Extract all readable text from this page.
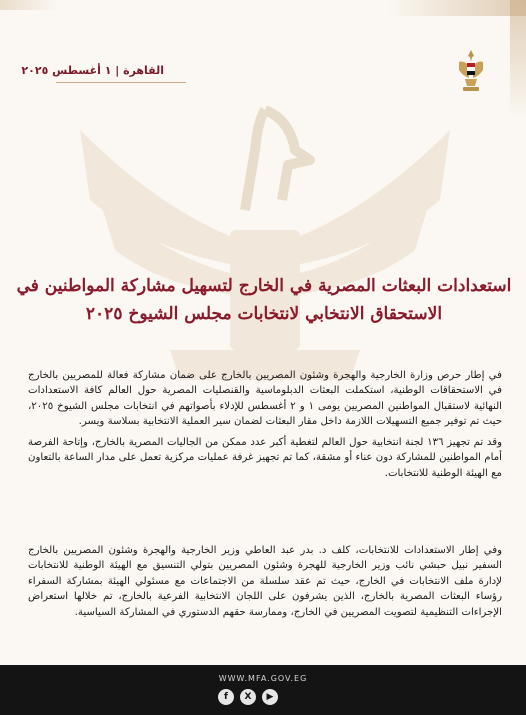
القاهرة | ١ أغسطس ٢٠٢٥
استعدادات البعثات المصرية في الخارج لتسهيل مشاركة المواطنين في
الاستحقاق الانتخابي لانتخابات مجلس الشيوخ ٢٠٢٥
في إطار حرص وزارة الخارجية والهجرة وشئون المصريين بالخارج على ضمان مشاركة فعالة للمصريين بالخارج في الاستحقاقات الوطنية، استكملت البعثات الدبلوماسية والقنصليات المصرية حول العالم كافة الاستعدادات النهائية لاستقبال المواطنين المصريين يومى ١ و ٢ أغسطس للإدلاء بأصواتهم في انتخابات مجلس الشيوخ ٢٠٢٥، حيث تم توفير جميع التسهيلات اللازمة داخل مقار البعثات لضمان سير العملية الانتخابية بسلاسة ويسر.
وقد تم تجهيز ١٣٦ لجنة انتخابية حول العالم لتغطية أكبر عدد ممكن من الجاليات المصرية بالخارج، وإتاحة الفرصة أمام المواطنين للمشاركة دون عناء أو مشقة، كما تم تجهيز غرفة عمليات مركزية تعمل على مدار الساعة بالتعاون مع الهيئة الوطنية للانتخابات.
وفي إطار الاستعدادات للانتخابات، كلف د. بدر عبد العاطي وزير الخارجية والهجرة وشئون المصريين بالخارج السفير نبيل حبشي نائب وزير الخارجية للهجرة وشئون المصريين بتولي التنسيق مع الهيئة الوطنية للانتخابات لإدارة ملف الانتخابات في الخارج، حيث تم عقد سلسلة من الاجتماعات مع مسئولي الهيئة بمشاركة السفراء رؤساء البعثات المصرية بالخارج، الذين يشرفون على اللجان الانتخابية الفرعية بالخارج، تم خلالها استعراض الإجراءات التنظيمية لتصويت المصريين في الخارج، وممارسة حقهم الدستوري في المشاركة السياسية.
WWW.MFA.GOV.EG
f	X	▶
